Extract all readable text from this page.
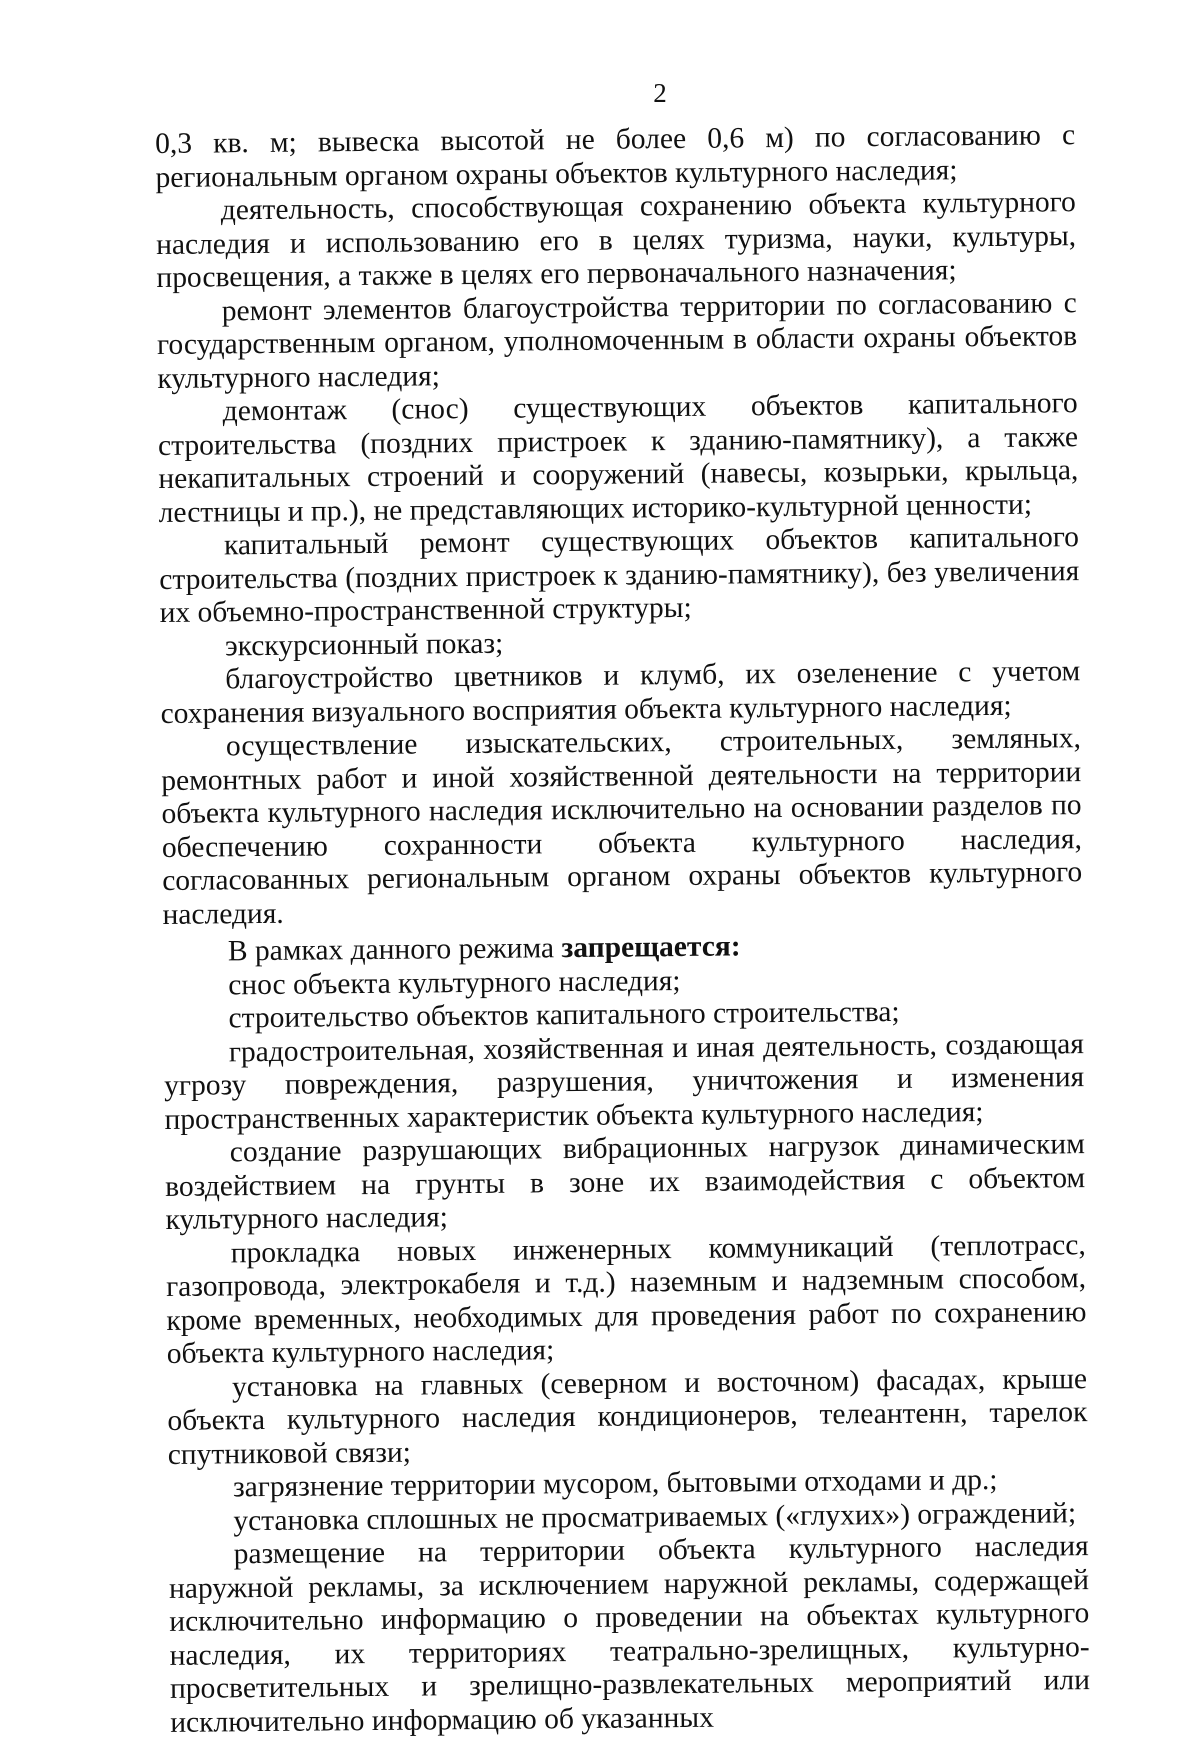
2

0,3 кв. м; вывеска высотой не более 0,6 м) по согласованию с региональным органом охраны объектов культурного наследия;

деятельность, способствующая сохранению объекта культурного наследия и использованию его в целях туризма, науки, культуры, просвещения, а также в целях его первоначального назначения;

ремонт элементов благоустройства территории по согласованию с государственным органом, уполномоченным в области охраны объектов культурного наследия;

демонтаж (снос) существующих объектов капитального строительства (поздних пристроек к зданию-памятнику), а также некапитальных строений и сооружений (навесы, козырьки, крыльца, лестницы и пр.), не представляющих историко-культурной ценности;

капитальный ремонт существующих объектов капитального строительства (поздних пристроек к зданию-памятнику), без увеличения их объемно-пространственной структуры;

экскурсионный показ;

благоустройство цветников и клумб, их озеленение с учетом сохранения визуального восприятия объекта культурного наследия;

осуществление изыскательских, строительных, земляных, ремонтных работ и иной хозяйственной деятельности на территории объекта культурного наследия исключительно на основании разделов по обеспечению сохранности объекта культурного наследия, согласованных региональным органом охраны объектов культурного наследия.

В рамках данного режима запрещается:

снос объекта культурного наследия;

строительство объектов капитального строительства;

градостроительная, хозяйственная и иная деятельность, создающая угрозу повреждения, разрушения, уничтожения и изменения пространственных характеристик объекта культурного наследия;

создание разрушающих вибрационных нагрузок динамическим воздействием на грунты в зоне их взаимодействия с объектом культурного наследия;

прокладка новых инженерных коммуникаций (теплотрасс, газопровода, электрокабеля и т.д.) наземным и надземным способом, кроме временных, необходимых для проведения работ по сохранению объекта культурного наследия;

установка на главных (северном и восточном) фасадах, крыше объекта культурного наследия кондиционеров, телеантенн, тарелок спутниковой связи;

загрязнение территории мусором, бытовыми отходами и др.;

установка сплошных не просматриваемых («глухих») ограждений;

размещение на территории объекта культурного наследия наружной рекламы, за исключением наружной рекламы, содержащей исключительно информацию о проведении на объектах культурного наследия, их территориях театрально-зрелищных, культурно-просветительных и зрелищно-развлекательных мероприятий или исключительно информацию об указанных
